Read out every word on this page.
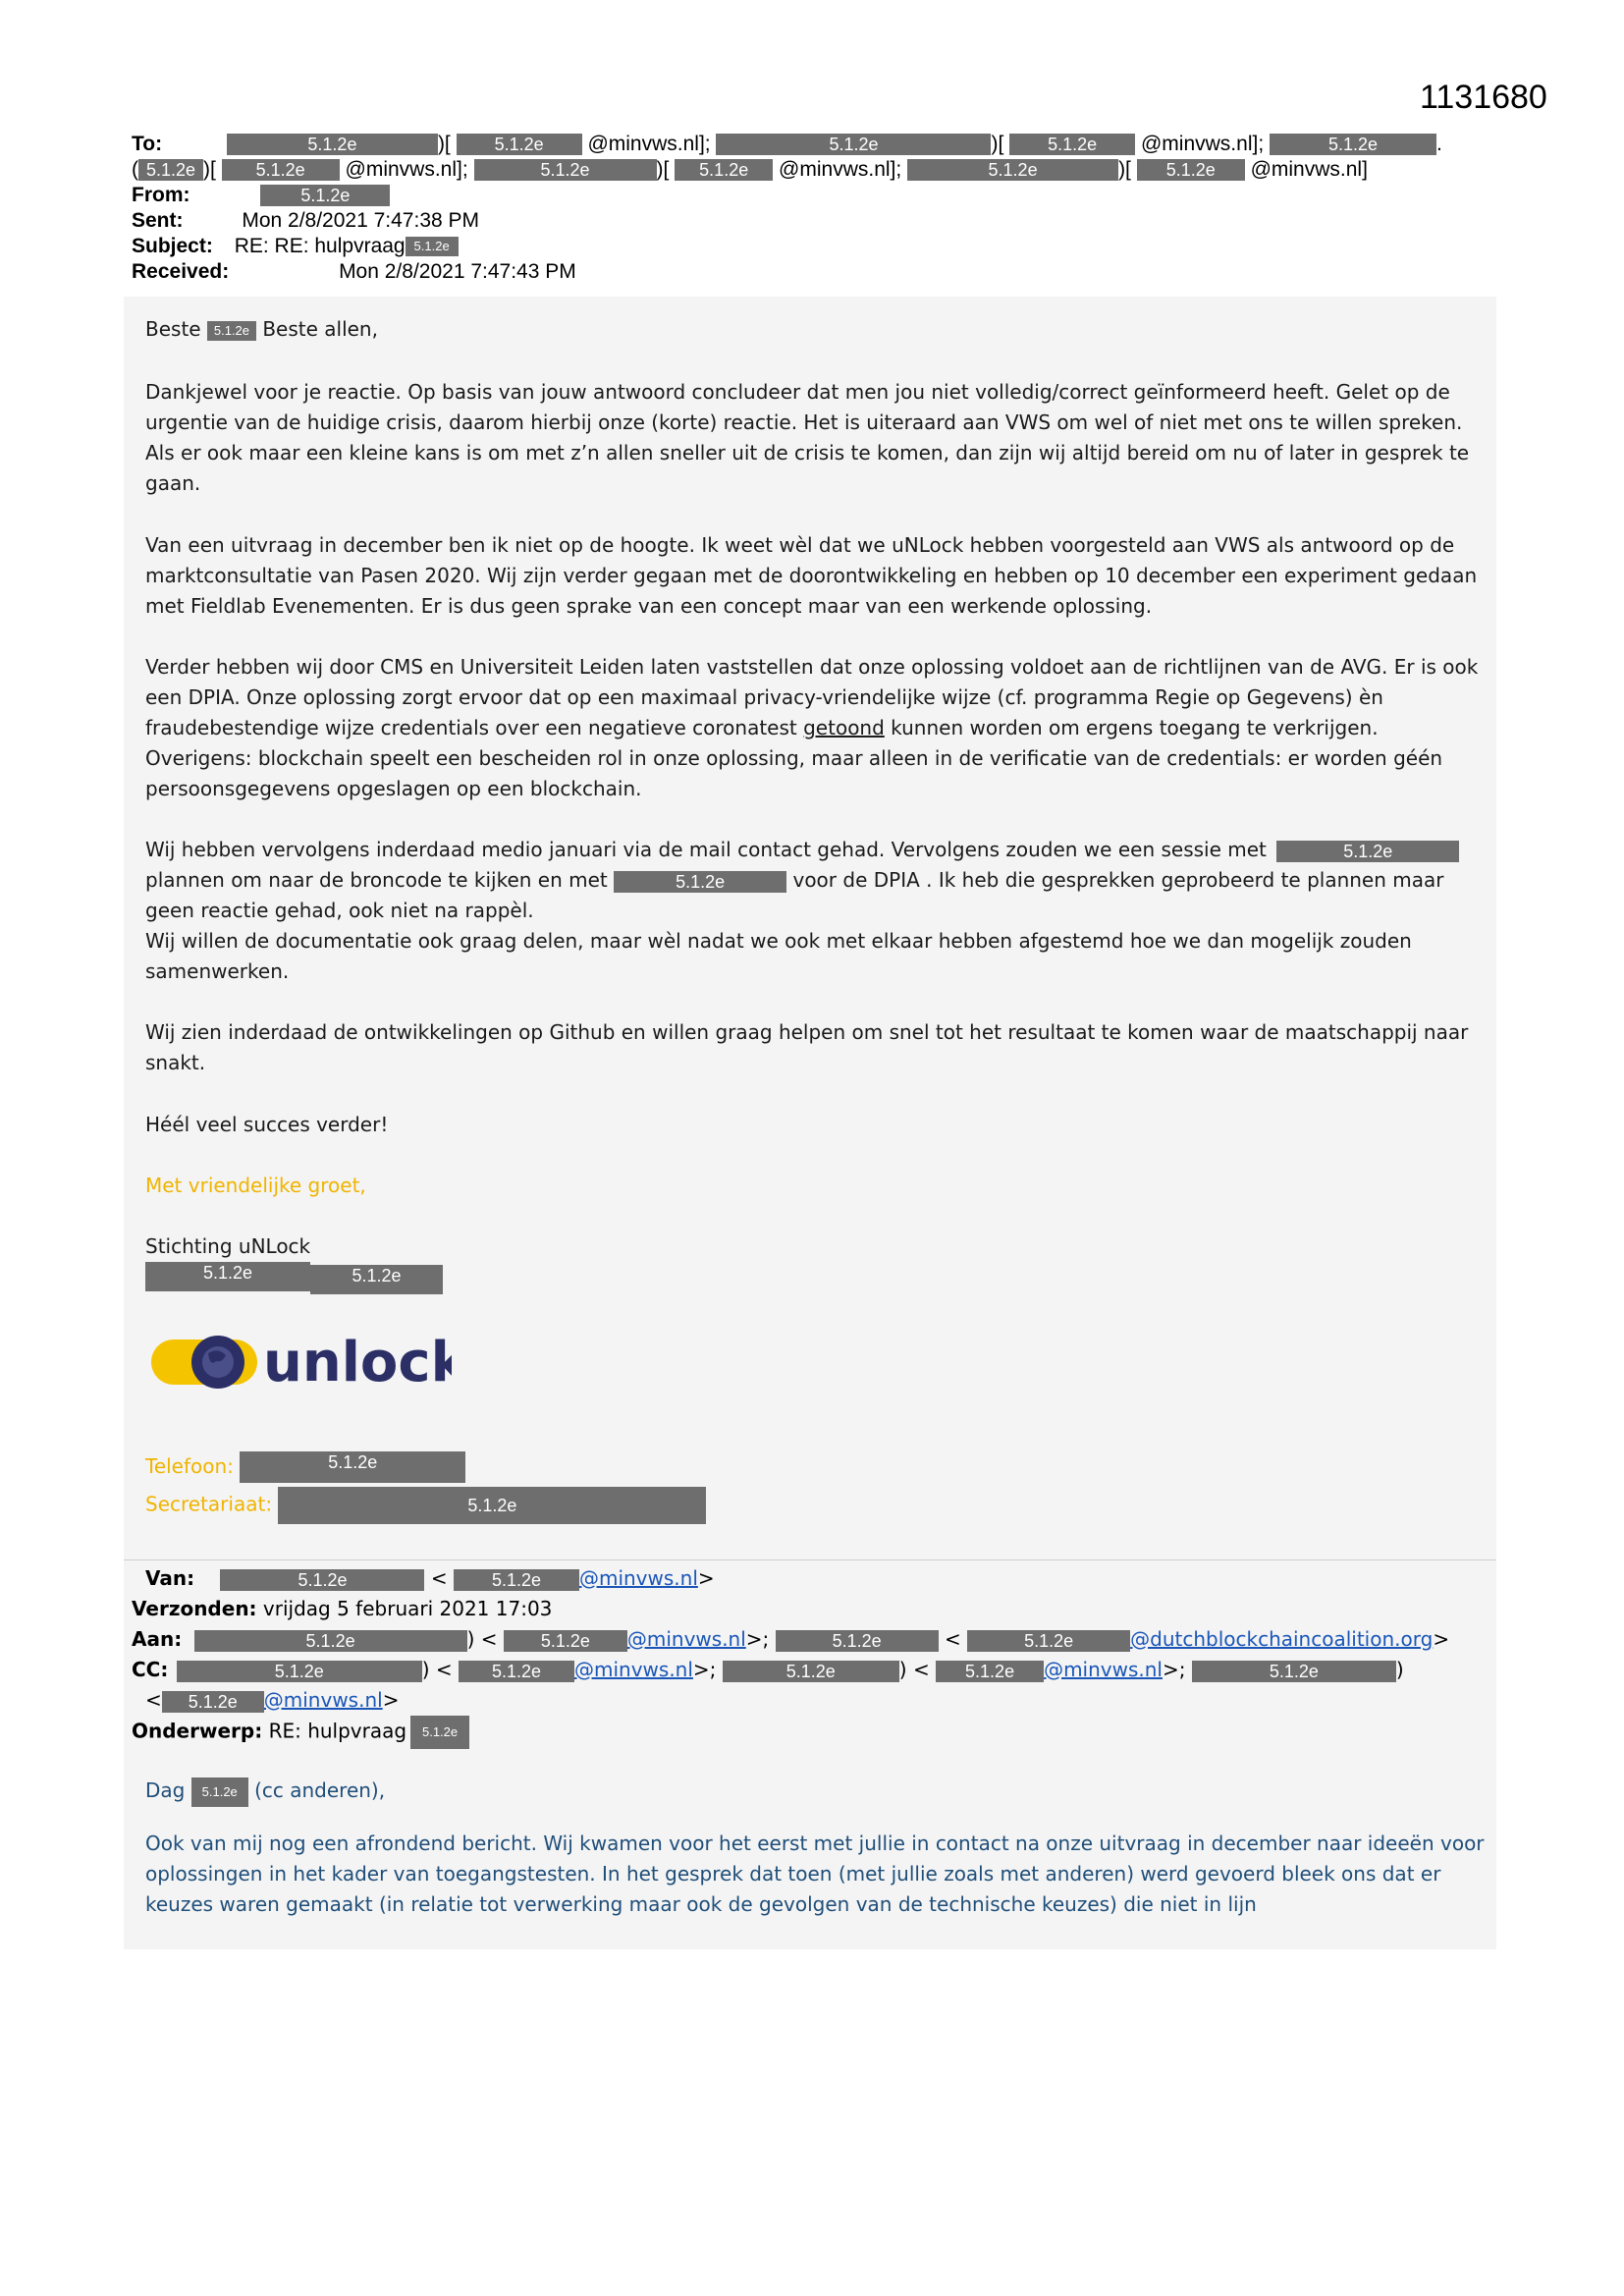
1131680
To:	5.1.2e	)[ 5.1.2e @minvws.nl];	5.1.2e	)[ 5.1.2e @minvws.nl];	5.1.2e	.
( 5.1.2e )[ 5.1.2e @minvws.nl];	5.1.2e	)[ 5.1.2e @minvws.nl];	5.1.2e	)[ 5.1.2e @minvws.nl]
From:	5.1.2e
Sent:	Mon 2/8/2021 7:47:38 PM
Subject: RE: RE: hulpvraag 5.1.2e
Received:	Mon 2/8/2021 7:47:43 PM
Beste 5.1.2e Beste allen,
Dankjewel voor je reactie. Op basis van jouw antwoord concludeer dat men jou niet volledig/correct geïnformeerd heeft. Gelet op de urgentie van de huidige crisis, daarom hierbij onze (korte) reactie. Het is uiteraard aan VWS om wel of niet met ons te willen spreken. Als er ook maar een kleine kans is om met z’n allen sneller uit de crisis te komen, dan zijn wij altijd bereid om nu of later in gesprek te gaan.
Van een uitvraag in december ben ik niet op de hoogte. Ik weet wèl dat we uNLock hebben voorgesteld aan VWS als antwoord op de marktconsultatie van Pasen 2020. Wij zijn verder gegaan met de doorontwikkeling en hebben op 10 december een experiment gedaan met Fieldlab Evenementen. Er is dus geen sprake van een concept maar van een werkende oplossing.
Verder hebben wij door CMS en Universiteit Leiden laten vaststellen dat onze oplossing voldoet aan de richtlijnen van de AVG. Er is ook een DPIA. Onze oplossing zorgt ervoor dat op een maximaal privacy-vriendelijke wijze (cf. programma Regie op Gegevens) èn fraudebestendige wijze credentials over een negatieve coronatest getoond kunnen worden om ergens toegang te verkrijgen. Overigens: blockchain speelt een bescheiden rol in onze oplossing, maar alleen in de verificatie van de credentials: er worden géén persoonsgegevens opgeslagen op een blockchain.
Wij hebben vervolgens inderdaad medio januari via de mail contact gehad. Vervolgens zouden we een sessie met	5.1.2e
plannen om naar de broncode te kijken en met	5.1.2e	voor de DPIA . Ik heb die gesprekken geprobeerd te plannen maar geen reactie gehad, ook niet na rappèl.
Wij willen de documentatie ook graag delen, maar wèl nadat we ook met elkaar hebben afgestemd hoe we dan mogelijk zouden samenwerken.
Wij zien inderdaad de ontwikkelingen op Github en willen graag helpen om snel tot het resultaat te komen waar de maatschappij naar snakt.
Héél veel succes verder!
Met vriendelijke groet,
Stichting uNLock
5.1.2e	5.1.2e
unlock
Telefoon:	5.1.2e
Secretariaat:	5.1.2e
Van:	5.1.2e	< 5.1.2e @minvws.nl>
Verzonden: vrijdag 5 februari 2021 17:03
Aan:	5.1.2e	) < 5.1.2e @minvws.nl>;	5.1.2e	<	5.1.2e	@dutchblockchaincoalition.org>
CC:	5.1.2e	) < 5.1.2e @minvws.nl>;	5.1.2e	) < 5.1.2e @minvws.nl>;	5.1.2e	)
< 5.1.2e @minvws.nl>
Onderwerp: RE: hulpvraag 5.1.2e
Dag 5.1.2e (cc anderen),
Ook van mij nog een afrondend bericht. Wij kwamen voor het eerst met jullie in contact na onze uitvraag in december naar ideeën voor oplossingen in het kader van toegangstesten. In het gesprek dat toen (met jullie zoals met anderen) werd gevoerd bleek ons dat er keuzes waren gemaakt (in relatie tot verwerking maar ook de gevolgen van de technische keuzes) die niet in lijn
